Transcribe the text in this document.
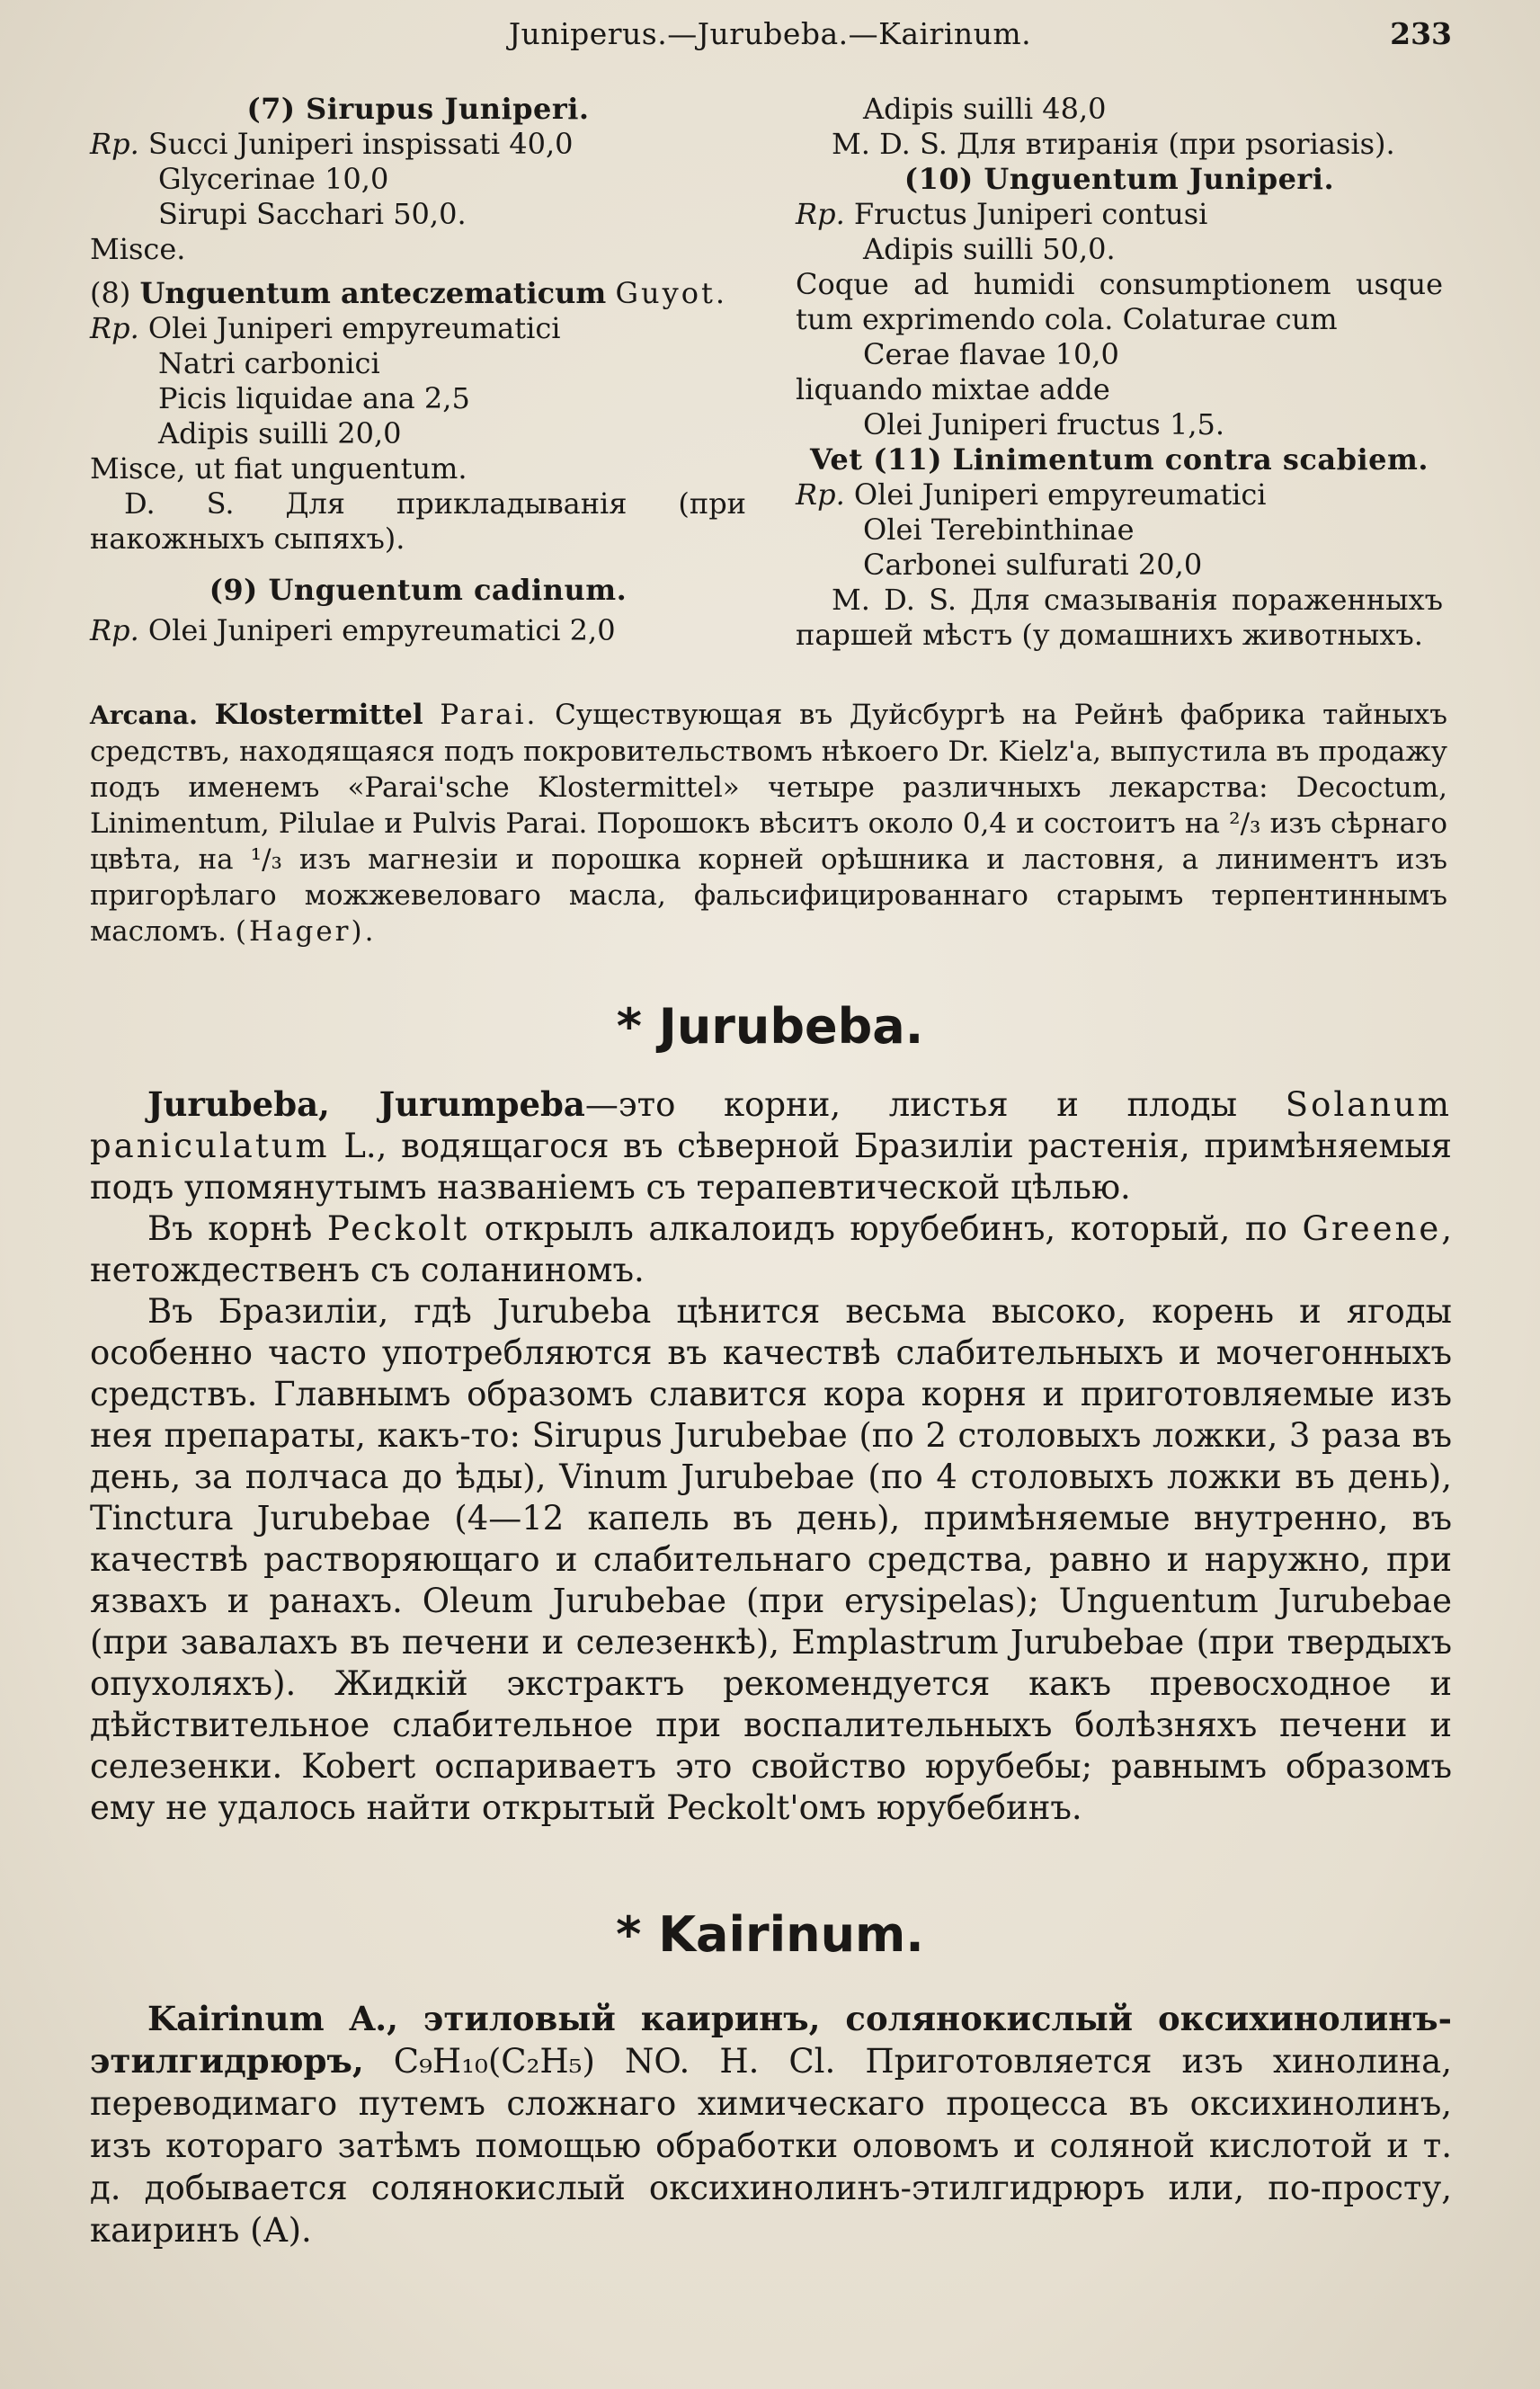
Juniperus.—Jurubeba.—Kairinum.	233
(7) Sirupus Juniperi.
Rp. Succi Juniperi inspissati 40,0
Glycerinae 10,0
Sirupi Sacchari 50,0.
Misce.
(8) Unguentum anteczematicum Guyot.
Rp. Olei Juniperi empyreumatici
Natri carbonici
Picis liquidae ana 2,5
Adipis suilli 20,0
Misce, ut fiat unguentum.
D. S. Для прикладыванія (при накожныхъ сыпяхъ).
(9) Unguentum cadinum.
Rp. Olei Juniperi empyreumatici 2,0
Adipis suilli 48,0
M. D. S. Для втиранія (при psoriasis).
(10) Unguentum Juniperi.
Rp. Fructus Juniperi contusi
Adipis suilli 50,0.
Coque ad humidi consumptionem usque tum exprimendo cola. Colaturae cum
Cerae flavae 10,0
liquando mixtae adde
Olei Juniperi fructus 1,5.
Vet (11) Linimentum contra scabiem.
Rp. Olei Juniperi empyreumatici
Olei Terebinthinae
Carbonei sulfurati 20,0
M. D. S. Для смазыванія пораженныхъ паршей мѣстъ (у домашнихъ животныхъ.
Arcana. Klostermittel Parai. Существующая въ Дуйсбургѣ на Рейнѣ фабрика тайныхъ средствъ, находящаяся подъ покровительствомъ нѣкоего Dr. Kielz'a, выпустила въ продажу подъ именемъ «Parai'sche Klostermittel» четыре различныхъ лекарства: Decoctum, Linimentum, Pilulae и Pulvis Parai. Порошокъ вѣситъ около 0,4 и состоитъ на ²/₃ изъ сѣрнаго цвѣта, на ¹/₃ изъ магнезіи и порошка корней орѣшника и ластовня, а линиментъ изъ пригорѣлаго можжевеловаго масла, фальсифицированнаго старымъ терпентиннымъ масломъ. (Hager).
* Jurubeba.

Jurubeba, Jurumpeba—это корни, листья и плоды Solanum paniculatum L., водящагося въ сѣверной Бразиліи растенія, примѣняемыя подъ упомянутымъ названіемъ съ терапевтической цѣлью.

Въ корнѣ Peckolt открылъ алкалоидъ юрубебинъ, который, по Greene, нетождественъ съ соланиномъ.

Въ Бразиліи, гдѣ Jurubeba цѣнится весьма высоко, корень и ягоды особенно часто употребляются въ качествѣ слабительныхъ и мочегонныхъ средствъ. Главнымъ образомъ славится кора корня и приготовляемые изъ нея препараты, какъ-то: Sirupus Jurubebae (по 2 столовыхъ ложки, 3 раза въ день, за полчаса до ѣды), Vinum Jurubebae (по 4 столовыхъ ложки въ день), Tinctura Jurubebae (4—12 капель въ день), примѣняемые внутренно, въ качествѣ растворяющаго и слабительнаго средства, равно и наружно, при язвахъ и ранахъ. Oleum Jurubebae (при erysipelas); Unguentum Jurubebae (при завалахъ въ печени и селезенкѣ), Emplastrum Jurubebae (при твердыхъ опухоляхъ). Жидкій экстрактъ рекомендуется какъ превосходное и дѣйствительное слабительное при воспалительныхъ болѣзняхъ печени и селезенки. Kobert оспариваетъ это свойство юрубебы; равнымъ образомъ ему не удалось найти открытый Peckolt'омъ юрубебинъ.

* Kairinum.

Kairinum A., этиловый каиринъ, солянокислый оксихинолинъ-этилгидрюръ, C₉H₁₀(C₂H₅) NO. H. Cl. Приготовляется изъ хинолина, переводимаго путемъ сложнаго химическаго процесса въ оксихинолинъ, изъ котораго затѣмъ помощью обработки оловомъ и соляной кислотой и т. д. добывается солянокислый оксихинолинъ-этилгидрюръ или, по-просту, каиринъ (А).
